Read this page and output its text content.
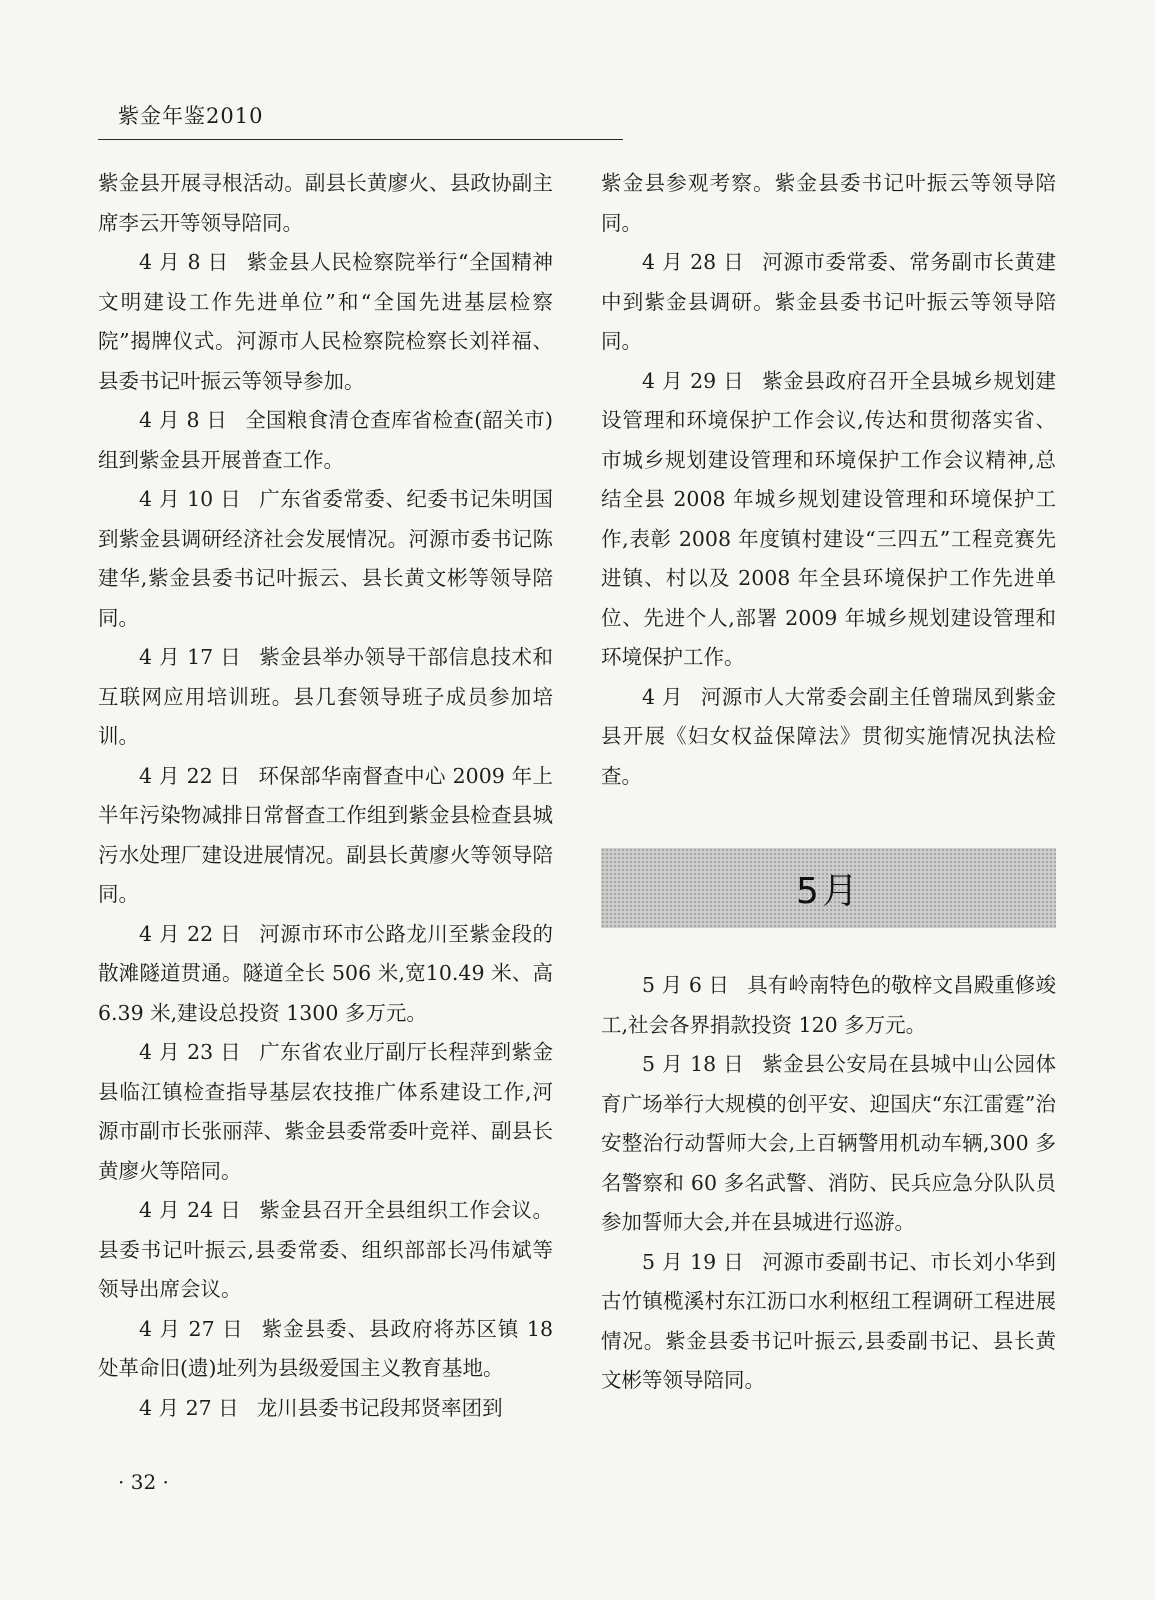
紫金年鉴2010

紫金县开展寻根活动。副县长黄廖火、县政协副主席李云开等领导陪同。

4 月 8 日 紫金县人民检察院举行“全国精神文明建设工作先进单位”和“全国先进基层检察院”揭牌仪式。河源市人民检察院检察长刘祥福、县委书记叶振云等领导参加。

4 月 8 日 全国粮食清仓查库省检查(韶关市)组到紫金县开展普查工作。

4 月 10 日 广东省委常委、纪委书记朱明国到紫金县调研经济社会发展情况。河源市委书记陈建华,紫金县委书记叶振云、县长黄文彬等领导陪同。

4 月 17 日 紫金县举办领导干部信息技术和互联网应用培训班。县几套领导班子成员参加培训。

4 月 22 日 环保部华南督查中心 2009 年上半年污染物减排日常督查工作组到紫金县检查县城污水处理厂建设进展情况。副县长黄廖火等领导陪同。

4 月 22 日 河源市环市公路龙川至紫金段的散滩隧道贯通。隧道全长 506 米,宽10.49 米、高 6.39 米,建设总投资 1300 多万元。

4 月 23 日 广东省农业厅副厅长程萍到紫金县临江镇检查指导基层农技推广体系建设工作,河源市副市长张丽萍、紫金县委常委叶竞祥、副县长黄廖火等陪同。

4 月 24 日 紫金县召开全县组织工作会议。县委书记叶振云,县委常委、组织部部长冯伟斌等领导出席会议。

4 月 27 日 紫金县委、县政府将苏区镇 18 处革命旧(遗)址列为县级爱国主义教育基地。

4 月 27 日 龙川县委书记段邦贤率团到

紫金县参观考察。紫金县委书记叶振云等领导陪同。

4 月 28 日 河源市委常委、常务副市长黄建中到紫金县调研。紫金县委书记叶振云等领导陪同。

4 月 29 日 紫金县政府召开全县城乡规划建设管理和环境保护工作会议,传达和贯彻落实省、市城乡规划建设管理和环境保护工作会议精神,总结全县 2008 年城乡规划建设管理和环境保护工作,表彰 2008 年度镇村建设“三四五”工程竞赛先进镇、村以及 2008 年全县环境保护工作先进单位、先进个人,部署 2009 年城乡规划建设管理和环境保护工作。

4 月 河源市人大常委会副主任曾瑞凤到紫金县开展《妇女权益保障法》贯彻实施情况执法检查。

5月

5 月 6 日 具有岭南特色的敬梓文昌殿重修竣工,社会各界捐款投资 120 多万元。

5 月 18 日 紫金县公安局在县城中山公园体育广场举行大规模的创平安、迎国庆“东江雷霆”治安整治行动誓师大会,上百辆警用机动车辆,300 多名警察和 60 多名武警、消防、民兵应急分队队员参加誓师大会,并在县城进行巡游。

5 月 19 日 河源市委副书记、市长刘小华到古竹镇榄溪村东江沥口水利枢纽工程调研工程进展情况。紫金县委书记叶振云,县委副书记、县长黄文彬等领导陪同。

· 32 ·
